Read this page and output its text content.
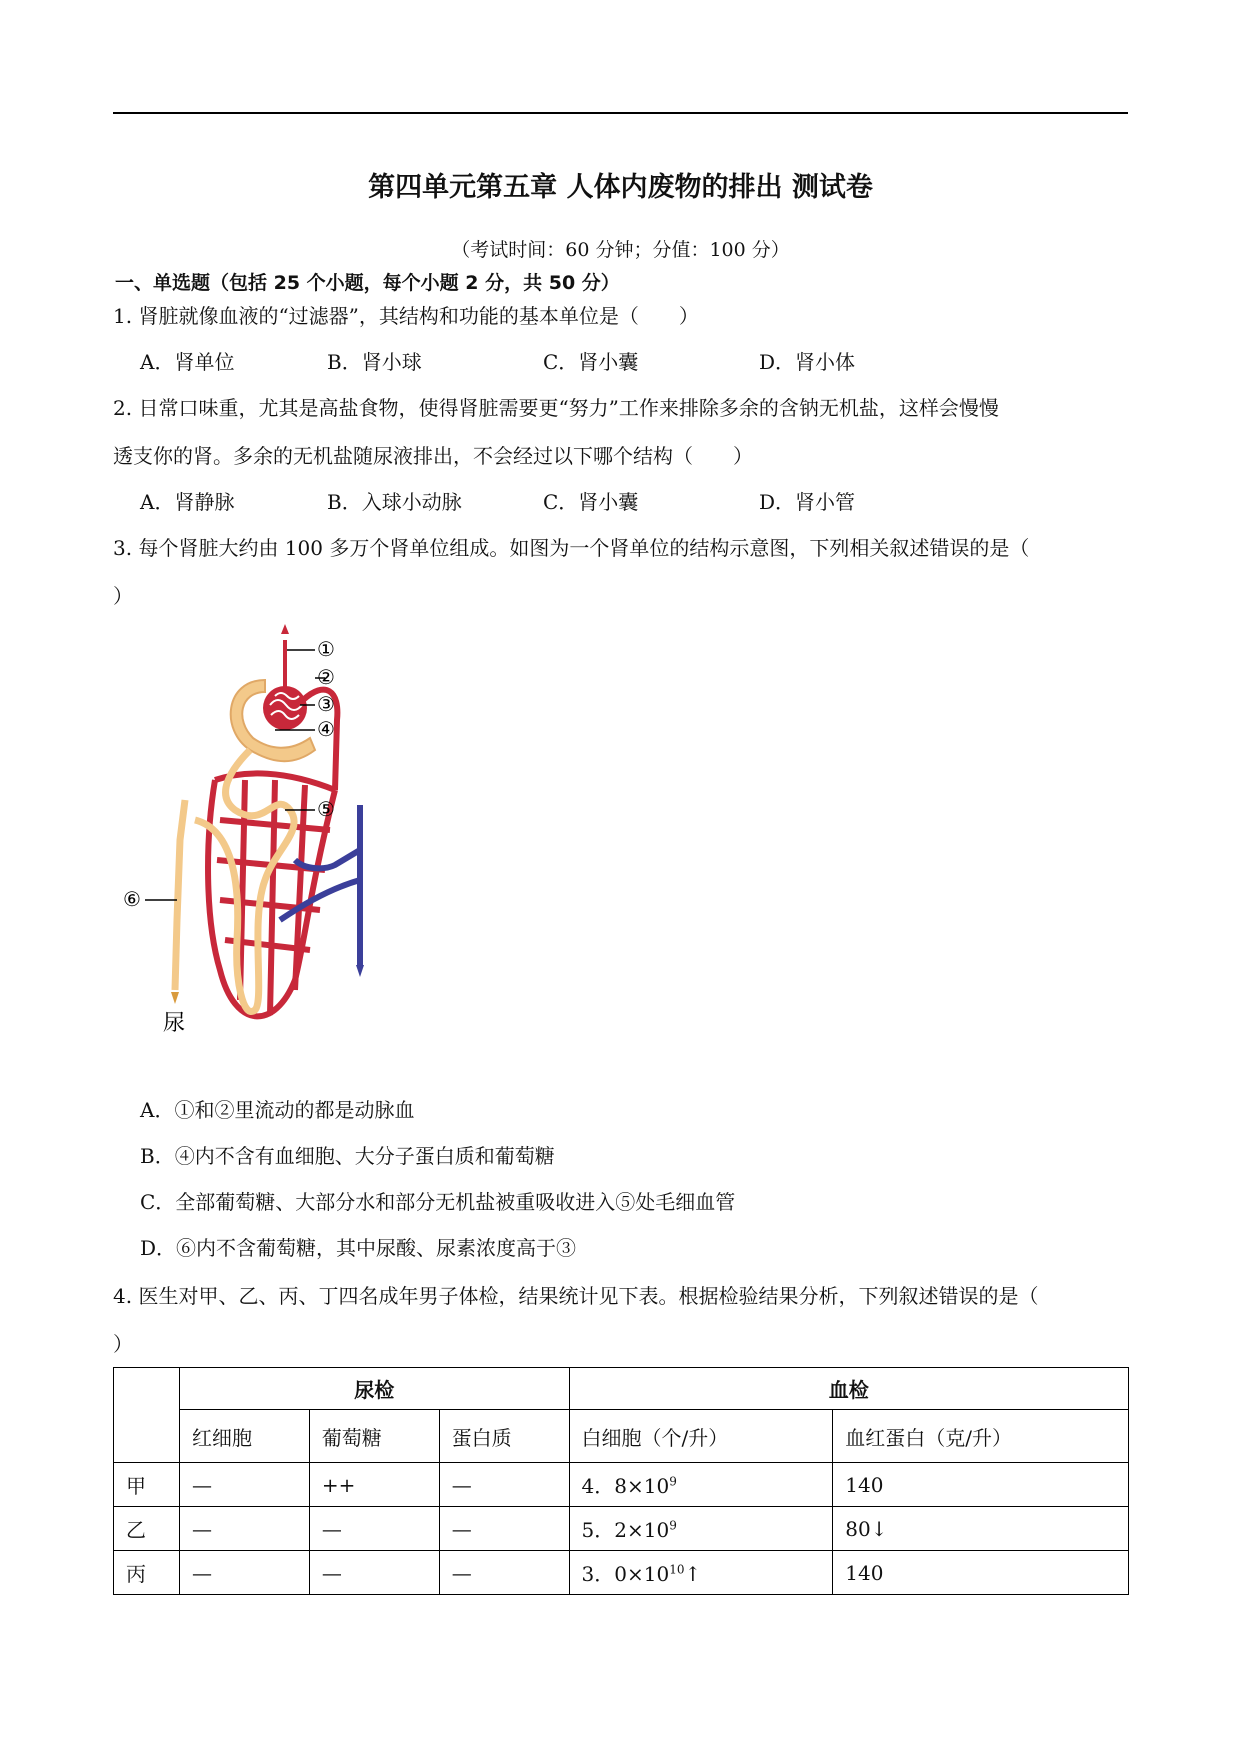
第四单元第五章 人体内废物的排出 测试卷
（考试时间：60 分钟；分值：100 分）
一、单选题（包括 25 个小题，每个小题 2 分，共 50 分）
1. 肾脏就像血液的“过滤器”，其结构和功能的基本单位是（　　）
A．肾单位	B．肾小球	C．肾小囊	D．肾小体
2. 日常口味重，尤其是高盐食物，使得肾脏需要更“努力”工作来排除多余的含钠无机盐，这样会慢慢
透支你的肾。多余的无机盐随尿液排出，不会经过以下哪个结构（　　）
A．肾静脉	B．入球小动脉	C．肾小囊	D．肾小管
3. 每个肾脏大约由 100 多万个肾单位组成。如图为一个肾单位的结构示意图，下列相关叙述错误的是（
）
①
②
③
④
⑤
⑥
尿
A．①和②里流动的都是动脉血
B．④内不含有血细胞、大分子蛋白质和葡萄糖
C．全部葡萄糖、大部分水和部分无机盐被重吸收进入⑤处毛细血管
D．⑥内不含葡萄糖，其中尿酸、尿素浓度高于③
4. 医生对甲、乙、丙、丁四名成年男子体检，结果统计见下表。根据检验结果分析，下列叙述错误的是（
）
	尿检			血检	
	红细胞	葡萄糖	蛋白质	白细胞（个/升）	血红蛋白（克/升）
甲	—	++	—	4．$8\times 10^9$	140
乙	—	—	—	5．$2\times 10^9$	80↓
丙	—	—	—	3．$0\times 10^{10}↑$	140
